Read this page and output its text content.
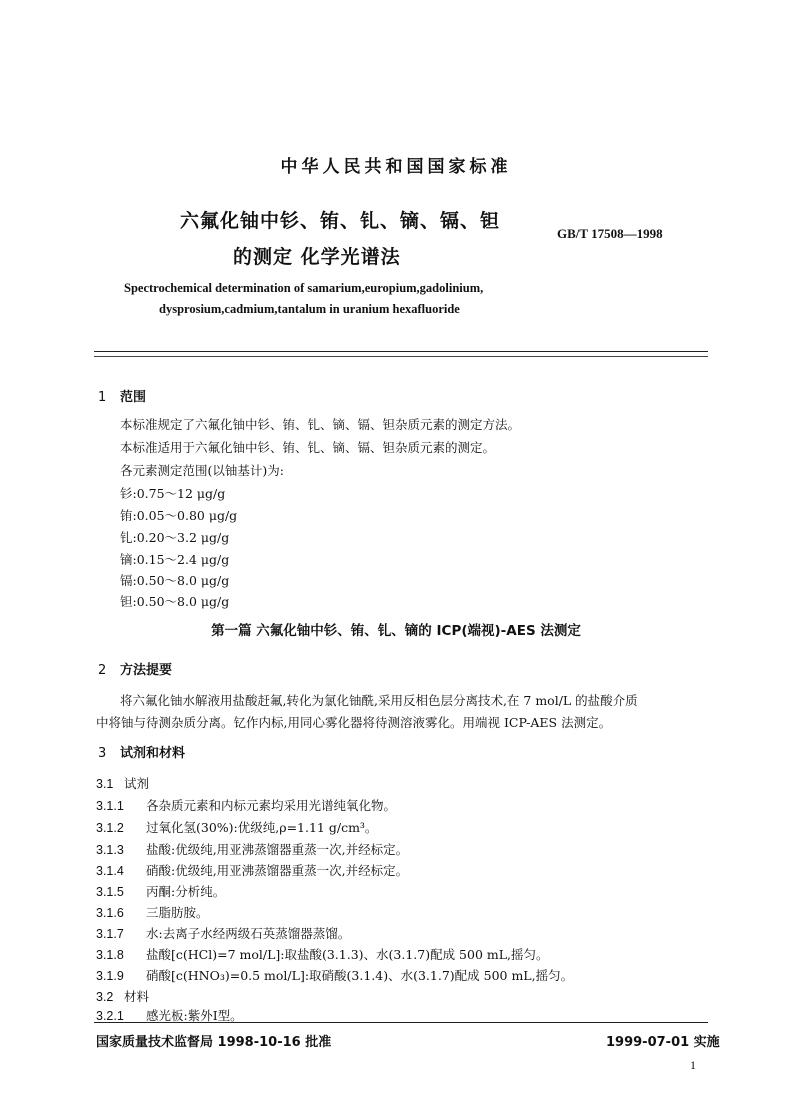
中华人民共和国国家标准
六氟化铀中钐、铕、钆、镝、镉、钽
的测定 化学光谱法
GB/T 17508—1998
Spectrochemical determination of samarium,europium,gadolinium,
dysprosium,cadmium,tantalum in uranium hexafluoride
1 范围
本标准规定了六氟化铀中钐、铕、钆、镝、镉、钽杂质元素的测定方法。
本标准适用于六氟化铀中钐、铕、钆、镝、镉、钽杂质元素的测定。
各元素测定范围(以铀基计)为:
钐:0.75～12 μg/g
铕:0.05～0.80 μg/g
钆:0.20～3.2 μg/g
镝:0.15～2.4 μg/g
镉:0.50～8.0 μg/g
钽:0.50～8.0 μg/g
第一篇 六氟化铀中钐、铕、钆、镝的 ICP(端视)-AES 法测定
2 方法提要
将六氟化铀水解液用盐酸赶氟,转化为氯化铀酰,采用反相色层分离技术,在 7 mol/L 的盐酸介质
中将铀与待测杂质分离。钇作内标,用同心雾化器将待测溶液雾化。用端视 ICP-AES 法测定。
3 试剂和材料
3.1 试剂
3.1.1 各杂质元素和内标元素均采用光谱纯氧化物。
3.1.2 过氧化氢(30%):优级纯,ρ=1.11 g/cm³。
3.1.3 盐酸:优级纯,用亚沸蒸馏器重蒸一次,并经标定。
3.1.4 硝酸:优级纯,用亚沸蒸馏器重蒸一次,并经标定。
3.1.5 丙酮:分析纯。
3.1.6 三脂肪胺。
3.1.7 水:去离子水经两级石英蒸馏器蒸馏。
3.1.8 盐酸[c(HCl)=7 mol/L]:取盐酸(3.1.3)、水(3.1.7)配成 500 mL,摇匀。
3.1.9 硝酸[c(HNO₃)=0.5 mol/L]:取硝酸(3.1.4)、水(3.1.7)配成 500 mL,摇匀。
3.2 材料
3.2.1 感光板:紫外Ⅰ型。
国家质量技术监督局 1998-10-16 批准	1999-07-01 实施
1
